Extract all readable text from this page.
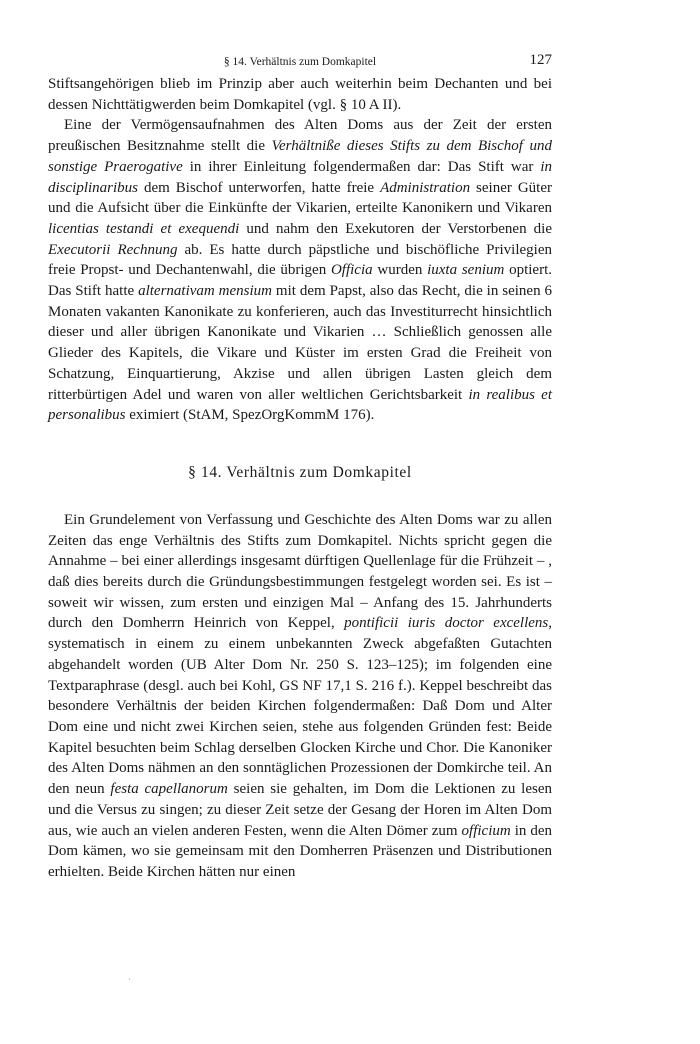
§ 14. Verhältnis zum Domkapitel	127

Stiftsangehörigen blieb im Prinzip aber auch weiterhin beim Dechanten und bei dessen Nichttätigwerden beim Domkapitel (vgl. § 10 A II).

Eine der Vermögensaufnahmen des Alten Doms aus der Zeit der ersten preußischen Besitznahme stellt die Verhältniße dieses Stifts zu dem Bischof und sonstige Praerogative in ihrer Einleitung folgendermaßen dar: Das Stift war in disciplinaribus dem Bischof unterworfen, hatte freie Administration seiner Güter und die Aufsicht über die Einkünfte der Vikarien, erteilte Kanonikern und Vikaren licentias testandi et exequendi und nahm den Exekutoren der Verstorbenen die Executorii Rechnung ab. Es hatte durch päpstliche und bischöfliche Privilegien freie Propst- und Dechantenwahl, die übrigen Officia wurden iuxta senium optiert. Das Stift hatte alternativam mensium mit dem Papst, also das Recht, die in seinen 6 Monaten vakanten Kanonikate zu konferieren, auch das Investiturrecht hinsichtlich dieser und aller übrigen Kanonikate und Vikarien … Schließlich genossen alle Glieder des Kapitels, die Vikare und Küster im ersten Grad die Freiheit von Schatzung, Einquartierung, Akzise und allen übrigen Lasten gleich dem ritterbürtigen Adel und waren von aller weltlichen Gerichtsbarkeit in realibus et personalibus eximiert (StAM, SpezOrgKommM 176).

§ 14. Verhältnis zum Domkapitel

Ein Grundelement von Verfassung und Geschichte des Alten Doms war zu allen Zeiten das enge Verhältnis des Stifts zum Domkapitel. Nichts spricht gegen die Annahme – bei einer allerdings insgesamt dürftigen Quellenlage für die Frühzeit – , daß dies bereits durch die Gründungsbestimmungen festgelegt worden sei. Es ist – soweit wir wissen, zum ersten und einzigen Mal – Anfang des 15. Jahrhunderts durch den Domherrn Heinrich von Keppel, pontificii iuris doctor excellens, systematisch in einem zu einem unbekannten Zweck abgefaßten Gutachten abgehandelt worden (UB Alter Dom Nr. 250 S. 123–125); im folgenden eine Textparaphrase (desgl. auch bei Kohl, GS NF 17,1 S. 216 f.). Keppel beschreibt das besondere Verhältnis der beiden Kirchen folgendermaßen: Daß Dom und Alter Dom eine und nicht zwei Kirchen seien, stehe aus folgenden Gründen fest: Beide Kapitel besuchten beim Schlag derselben Glocken Kirche und Chor. Die Kanoniker des Alten Doms nähmen an den sonntäglichen Prozessionen der Domkirche teil. An den neun festa capellanorum seien sie gehalten, im Dom die Lektionen zu lesen und die Versus zu singen; zu dieser Zeit setze der Gesang der Horen im Alten Dom aus, wie auch an vielen anderen Festen, wenn die Alten Dömer zum officium in den Dom kämen, wo sie gemeinsam mit den Domherren Präsenzen und Distributionen erhielten. Beide Kirchen hätten nur einen

·
